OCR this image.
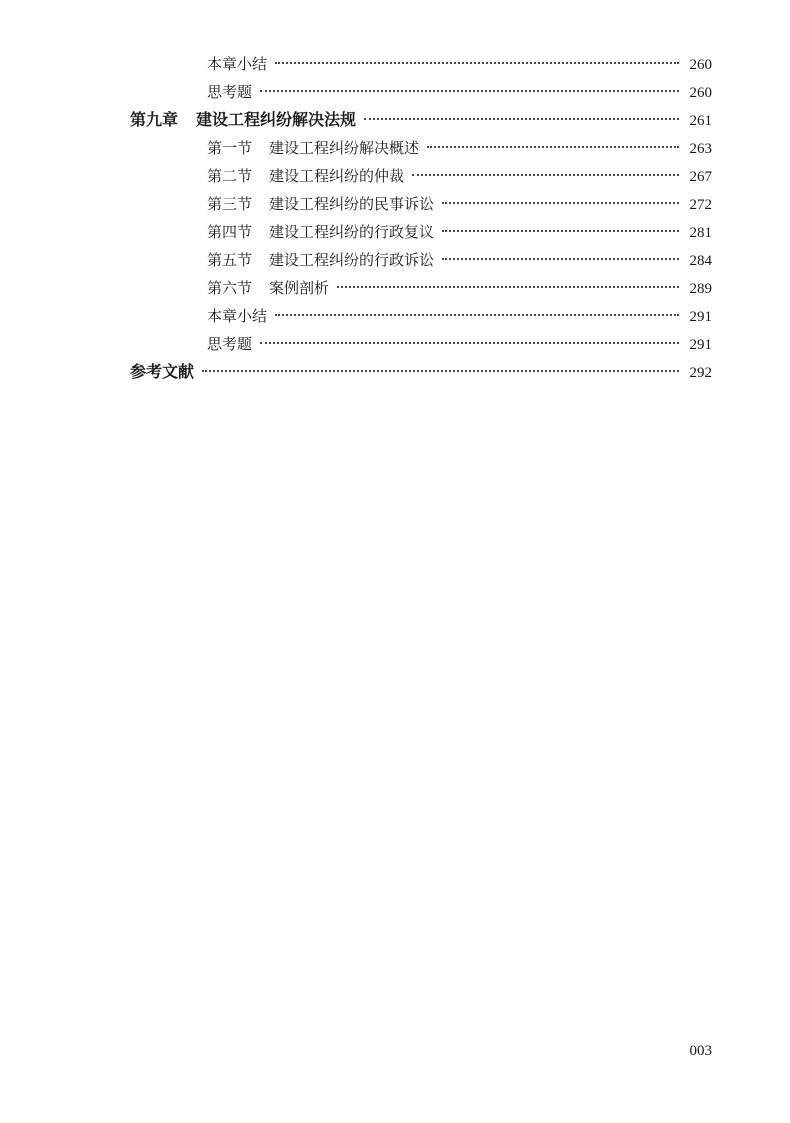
本章小结	260
思考题	260
第九章 建设工程纠纷解决法规	261
第一节 建设工程纠纷解决概述	263
第二节 建设工程纠纷的仲裁	267
第三节 建设工程纠纷的民事诉讼	272
第四节 建设工程纠纷的行政复议	281
第五节 建设工程纠纷的行政诉讼	284
第六节 案例剖析	289
本章小结	291
思考题	291
参考文献	292
003
